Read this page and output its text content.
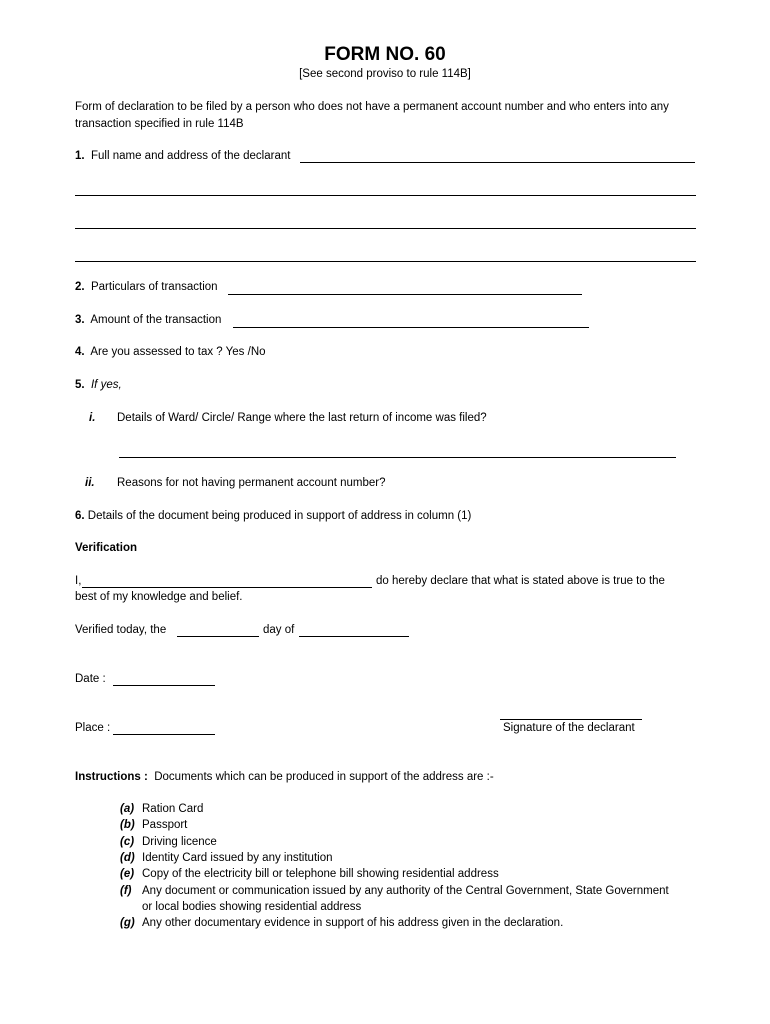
FORM NO. 60
[See second proviso to rule 114B]
Form of declaration to be filed by a person who does not have a permanent account number and who enters into any
transaction specified in rule 114B
1. Full name and address of the declarant
2. Particulars of transaction
3. Amount of the transaction
4. Are you assessed to tax ? Yes /No
5. If yes,
i. Details of Ward/ Circle/ Range where the last return of income was filed?
ii. Reasons for not having permanent account number?
6. Details of the document being produced in support of address in column (1)
Verification
I,	do hereby declare that what is stated above is true to the
best of my knowledge and belief.
Verified today, the	day of
Date :
Place :	Signature of the declarant
Instructions : Documents which can be produced in support of the address are :-
(a) Ration Card
(b) Passport
(c) Driving licence
(d) Identity Card issued by any institution
(e) Copy of the electricity bill or telephone bill showing residential address
(f) Any document or communication issued by any authority of the Central Government, State Government
or local bodies showing residential address
(g) Any other documentary evidence in support of his address given in the declaration.
